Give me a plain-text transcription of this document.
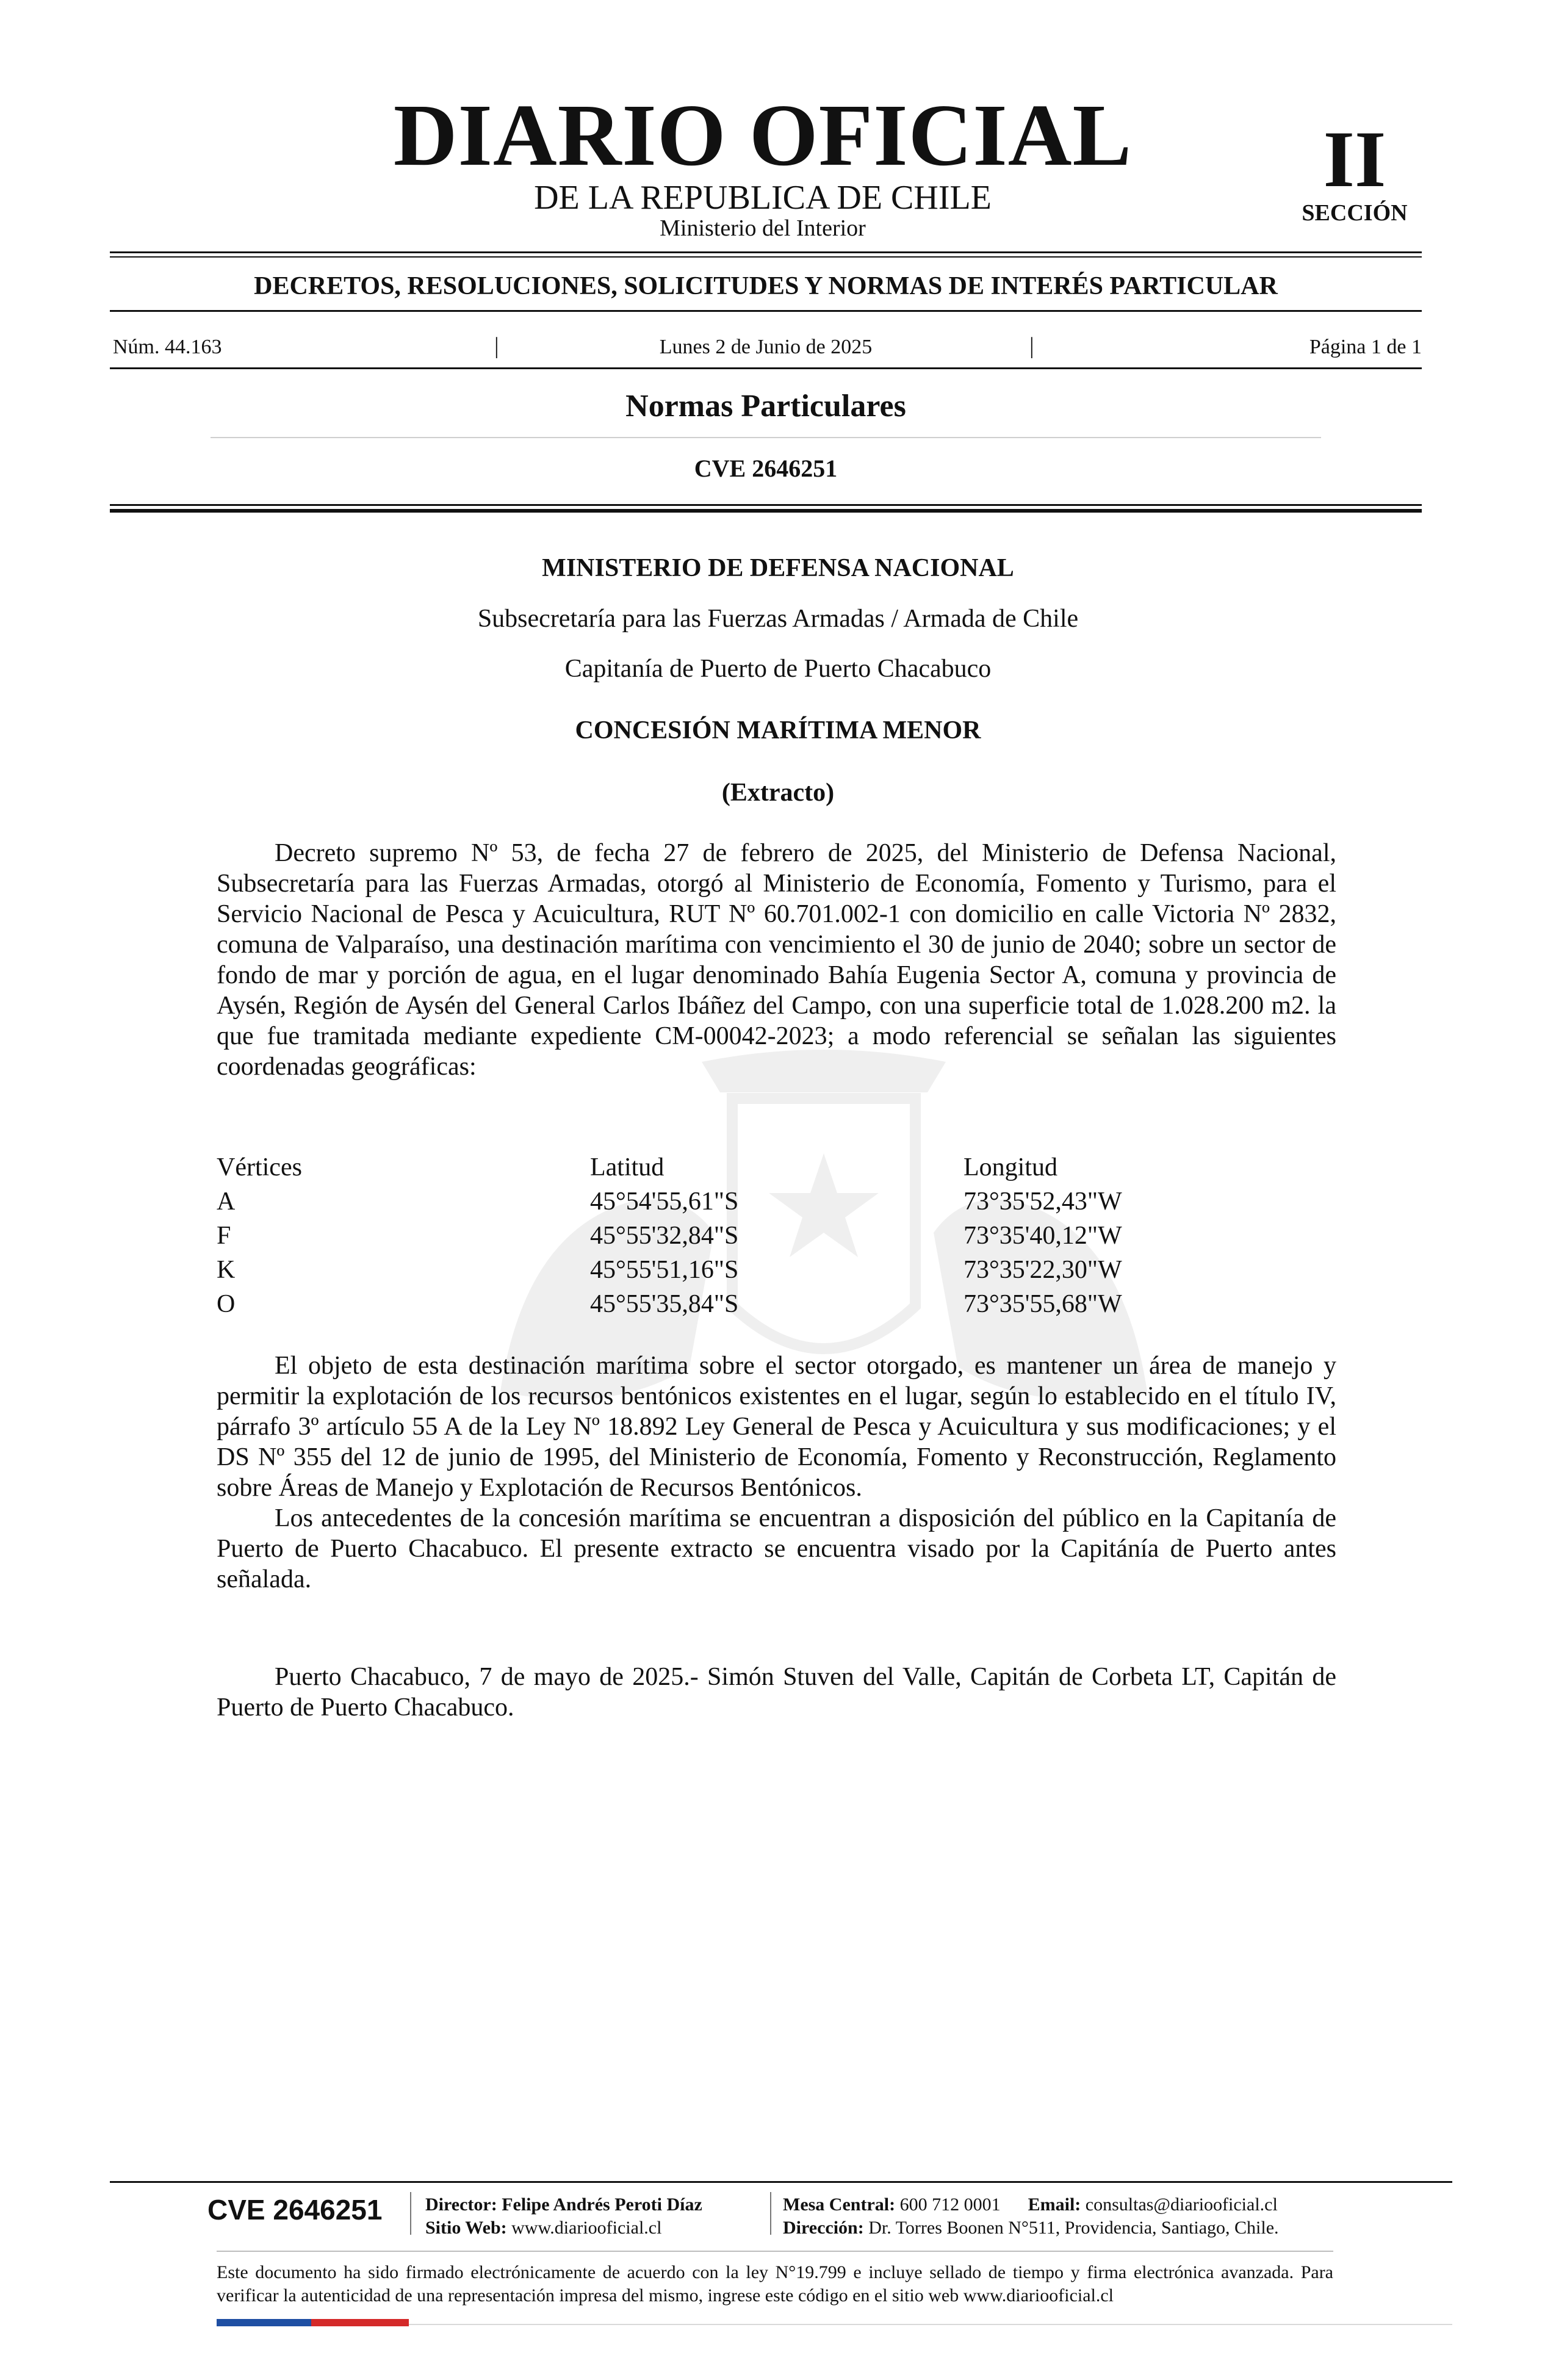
DIARIO OFICIAL
DE LA REPUBLICA DE CHILE
Ministerio del Interior
II
SECCIÓN
DECRETOS, RESOLUCIONES, SOLICITUDES Y NORMAS DE INTERÉS PARTICULAR
Núm. 44.163	|	Lunes 2 de Junio de 2025	|	Página 1 de 1
Normas Particulares
CVE 2646251
MINISTERIO DE DEFENSA NACIONAL
Subsecretaría para las Fuerzas Armadas / Armada de Chile
Capitanía de Puerto de Puerto Chacabuco
CONCESIÓN MARÍTIMA MENOR
(Extracto)

Decreto supremo Nº 53, de fecha 27 de febrero de 2025, del Ministerio de Defensa Nacional, Subsecretaría para las Fuerzas Armadas, otorgó al Ministerio de Economía, Fomento y Turismo, para el Servicio Nacional de Pesca y Acuicultura, RUT Nº 60.701.002-1 con domicilio en calle Victoria Nº 2832, comuna de Valparaíso, una destinación marítima con vencimiento el 30 de junio de 2040; sobre un sector de fondo de mar y porción de agua, en el lugar denominado Bahía Eugenia Sector A, comuna y provincia de Aysén, Región de Aysén del General Carlos Ibáñez del Campo, con una superficie total de 1.028.200 m2. la que fue tramitada mediante expediente CM-00042-2023; a modo referencial se señalan las siguientes coordenadas geográficas:

Vértices	Latitud	Longitud
A	45°54'55,61"S	73°35'52,43"W
F	45°55'32,84"S	73°35'40,12"W
K	45°55'51,16"S	73°35'22,30"W
O	45°55'35,84"S	73°35'55,68"W

El objeto de esta destinación marítima sobre el sector otorgado, es mantener un área de manejo y permitir la explotación de los recursos bentónicos existentes en el lugar, según lo establecido en el título IV, párrafo 3º artículo 55 A de la Ley Nº 18.892 Ley General de Pesca y Acuicultura y sus modificaciones; y el DS Nº 355 del 12 de junio de 1995, del Ministerio de Economía, Fomento y Reconstrucción, Reglamento sobre Áreas de Manejo y Explotación de Recursos Bentónicos.

Los antecedentes de la concesión marítima se encuentran a disposición del público en la Capitanía de Puerto de Puerto Chacabuco. El presente extracto se encuentra visado por la Capitánía de Puerto antes señalada.

Puerto Chacabuco, 7 de mayo de 2025.- Simón Stuven del Valle, Capitán de Corbeta LT, Capitán de Puerto de Puerto Chacabuco.

CVE 2646251 Director: Felipe Andrés Peroti Díaz
Sitio Web: www.diariooficial.cl
Mesa Central: 600 712 0001 Email: consultas@diariooficial.cl
Dirección: Dr. Torres Boonen N°511, Providencia, Santiago, Chile.
Este documento ha sido firmado electrónicamente de acuerdo con la ley N°19.799 e incluye sellado de tiempo y firma electrónica avanzada. Para verificar la autenticidad de una representación impresa del mismo, ingrese este código en el sitio web www.diariooficial.cl
